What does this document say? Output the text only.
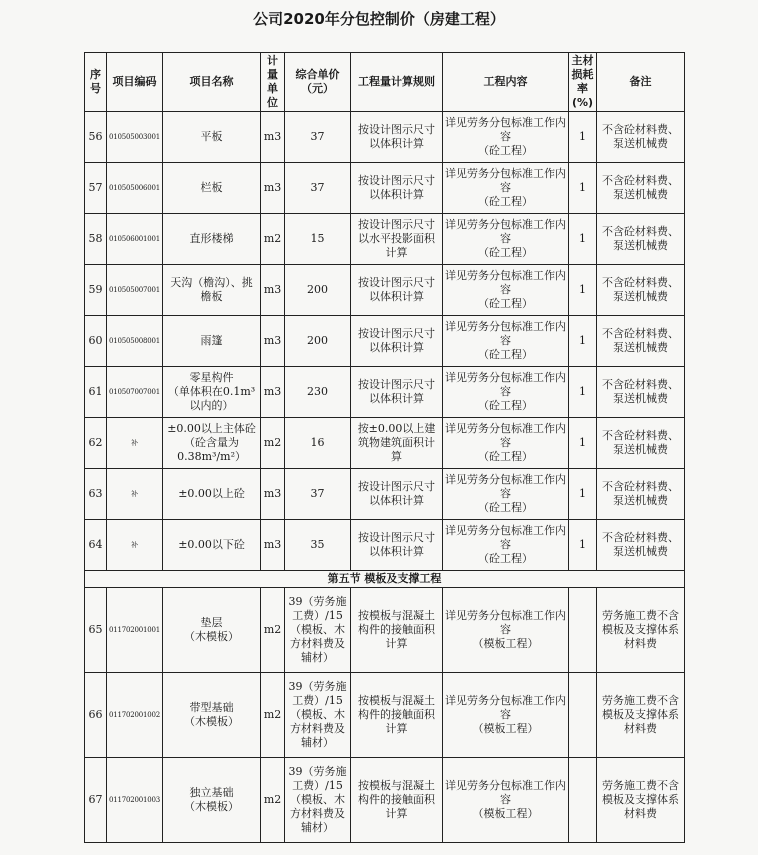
公司2020年分包控制价（房建工程）
序号	项目编码	项目名称	计量单位	综合单价（元）	工程量计算规则	工程内容	主材损耗率(%)	备注
56	010505003001	平板	m3	37	按设计图示尺寸以体积计算	详见劳务分包标准工作内容
（砼工程）	1	不含砼材料费、泵送机械费
57	010505006001	栏板	m3	37	按设计图示尺寸以体积计算	详见劳务分包标准工作内容
（砼工程）	1	不含砼材料费、泵送机械费
58	010506001001	直形楼梯	m2	15	按设计图示尺寸以水平投影面积计算	详见劳务分包标准工作内容
（砼工程）	1	不含砼材料费、泵送机械费
59	010505007001	天沟（檐沟）、挑檐板	m3	200	按设计图示尺寸以体积计算	详见劳务分包标准工作内容
（砼工程）	1	不含砼材料费、泵送机械费
60	010505008001	雨篷	m3	200	按设计图示尺寸以体积计算	详见劳务分包标准工作内容
（砼工程）	1	不含砼材料费、泵送机械费
61	010507007001	零星构件
（单体积在0.1m³以内的）	m3	230	按设计图示尺寸以体积计算	详见劳务分包标准工作内容
（砼工程）	1	不含砼材料费、泵送机械费
62	补	±0.00以上主体砼
（砼含量为0.38m³/m²）	m2	16	按±0.00以上建筑物建筑面积计算	详见劳务分包标准工作内容
（砼工程）	1	不含砼材料费、泵送机械费
63	补	±0.00以上砼	m3	37	按设计图示尺寸以体积计算	详见劳务分包标准工作内容
（砼工程）	1	不含砼材料费、泵送机械费
64	补	±0.00以下砼	m3	35	按设计图示尺寸以体积计算	详见劳务分包标准工作内容
（砼工程）	1	不含砼材料费、泵送机械费
第五节 模板及支撑工程								
65	011702001001	垫层
（木模板）	m2	39（劳务施工费）/15（模板、木方材料费及辅材）	按模板与混凝土构件的接触面积计算	详见劳务分包标准工作内容
（模板工程）		劳务施工费不含模板及支撑体系材料费
66	011702001002	带型基础
（木模板）	m2	39（劳务施工费）/15（模板、木方材料费及辅材）	按模板与混凝土构件的接触面积计算	详见劳务分包标准工作内容
（模板工程）		劳务施工费不含模板及支撑体系材料费
67	011702001003	独立基础
（木模板）	m2	39（劳务施工费）/15（模板、木方材料费及辅材）	按模板与混凝土构件的接触面积计算	详见劳务分包标准工作内容
（模板工程）		劳务施工费不含模板及支撑体系材料费
